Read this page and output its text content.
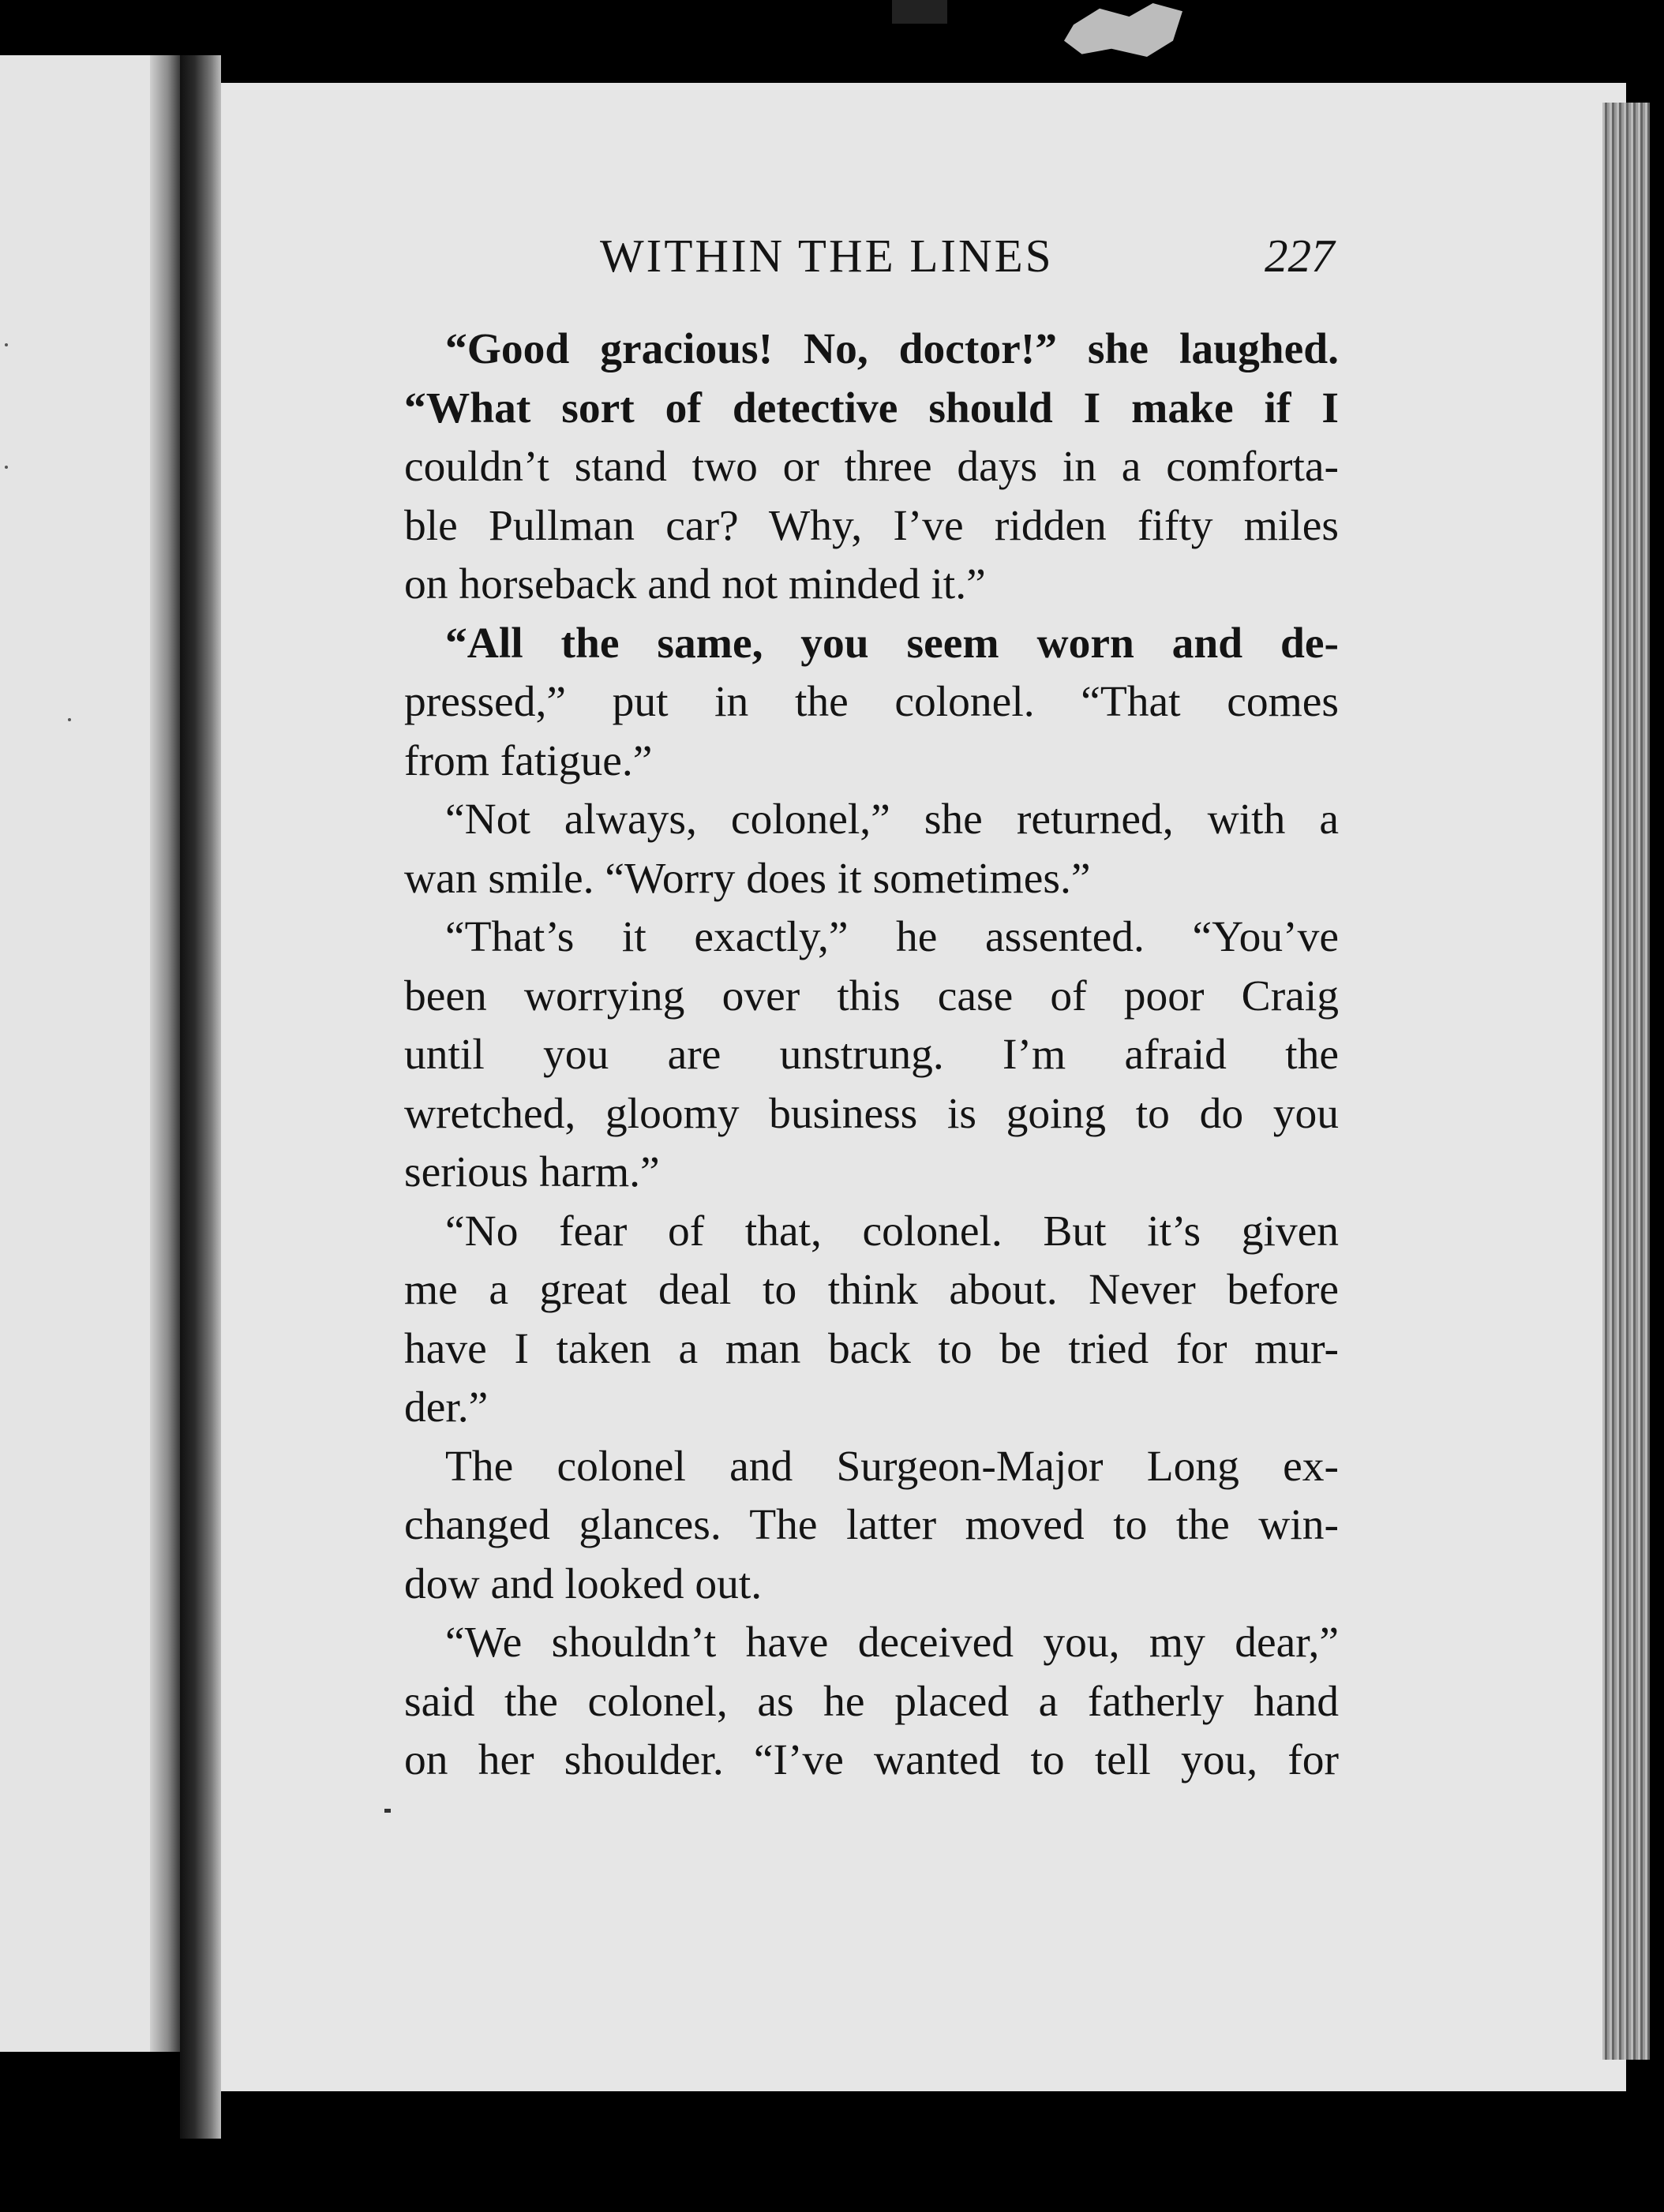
WITHIN THE LINES	227
“Good gracious! No, doctor!” she laughed.
“What sort of detective should I make if I
couldn’t stand two or three days in a comforta-
ble Pullman car? Why, I’ve ridden fifty miles
on horseback and not minded it.”
“All the same, you seem worn and de-
pressed,” put in the colonel. “That comes
from fatigue.”
“Not always, colonel,” she returned, with a
wan smile. “Worry does it sometimes.”
“That’s it exactly,” he assented. “You’ve
been worrying over this case of poor Craig
until you are unstrung. I’m afraid the
wretched, gloomy business is going to do you
serious harm.”
“No fear of that, colonel. But it’s given
me a great deal to think about. Never before
have I taken a man back to be tried for mur-
der.”
The colonel and Surgeon-Major Long ex-
changed glances. The latter moved to the win-
dow and looked out.
“We shouldn’t have deceived you, my dear,”
said the colonel, as he placed a fatherly hand
on her shoulder. “I’ve wanted to tell you, for
